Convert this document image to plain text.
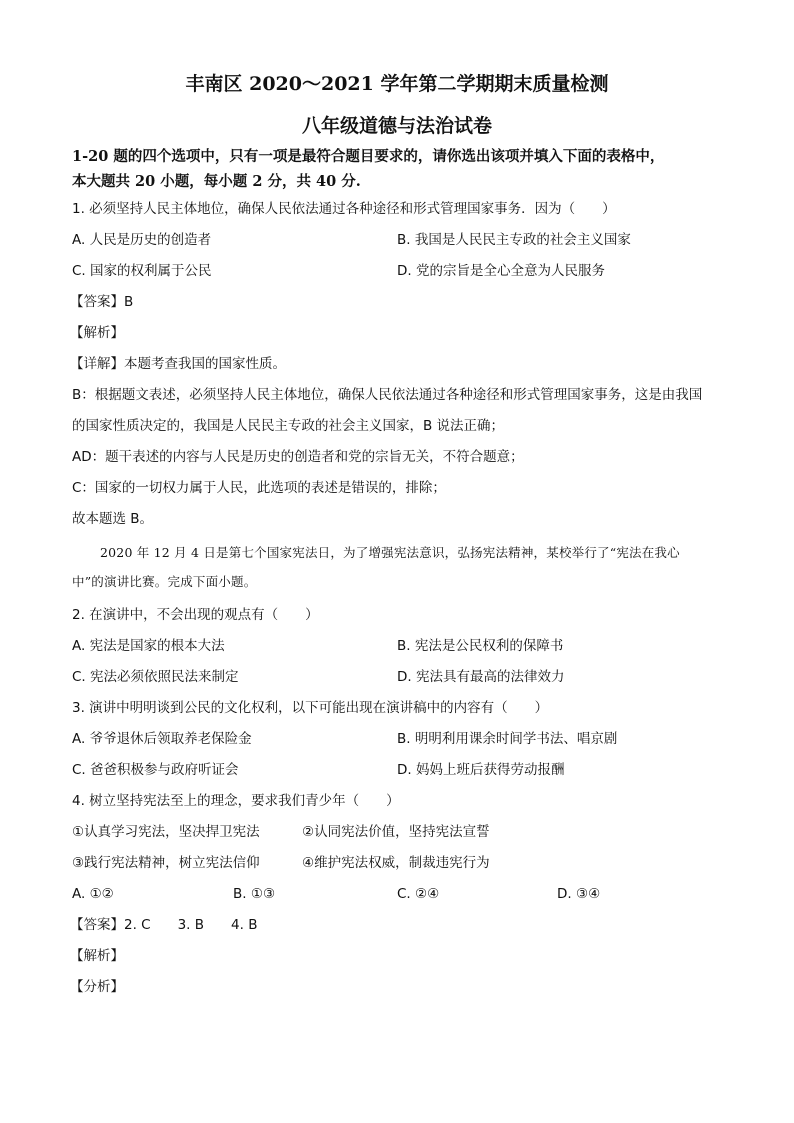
丰南区 2020～2021 学年第二学期期末质量检测
八年级道德与法治试卷
1-20 题的四个选项中，只有一项是最符合题目要求的，请你选出该项并填入下面的表格中，
本大题共 20 小题，每小题 2 分，共 40 分.
1. 必须坚持人民主体地位，确保人民依法通过各种途径和形式管理国家事务．因为（　　）
A. 人民是历史的创造者	B. 我国是人民民主专政的社会主义国家
C. 国家的权利属于公民	D. 党的宗旨是全心全意为人民服务
【答案】B
【解析】
【详解】本题考查我国的国家性质。
B：根据题文表述，必须坚持人民主体地位，确保人民依法通过各种途径和形式管理国家事务，这是由我国
的国家性质决定的，我国是人民民主专政的社会主义国家，B 说法正确；
AD：题干表述的内容与人民是历史的创造者和党的宗旨无关，不符合题意；
C：国家的一切权力属于人民，此选项的表述是错误的，排除；
故本题选 B。
2020 年 12 月 4 日是第七个国家宪法日，为了增强宪法意识，弘扬宪法精神，某校举行了“宪法在我心
中”的演讲比赛。完成下面小题。
2. 在演讲中，不会出现的观点有（　　）
A. 宪法是国家的根本大法	B. 宪法是公民权利的保障书
C. 宪法必须依照民法来制定	D. 宪法具有最高的法律效力
3. 演讲中明明谈到公民的文化权利，以下可能出现在演讲稿中的内容有（　　）
A. 爷爷退休后领取养老保险金	B. 明明利用课余时间学书法、唱京剧
C. 爸爸积极参与政府听证会	D. 妈妈上班后获得劳动报酬
4. 树立坚持宪法至上的理念，要求我们青少年（　　）
①认真学习宪法，坚决捍卫宪法	②认同宪法价值，坚持宪法宣誓
③践行宪法精神，树立宪法信仰	④维护宪法权威，制裁违宪行为
A. ①②	B. ①③	C. ②④	D. ③④
【答案】2. C　　3. B　　4. B
【解析】
【分析】
